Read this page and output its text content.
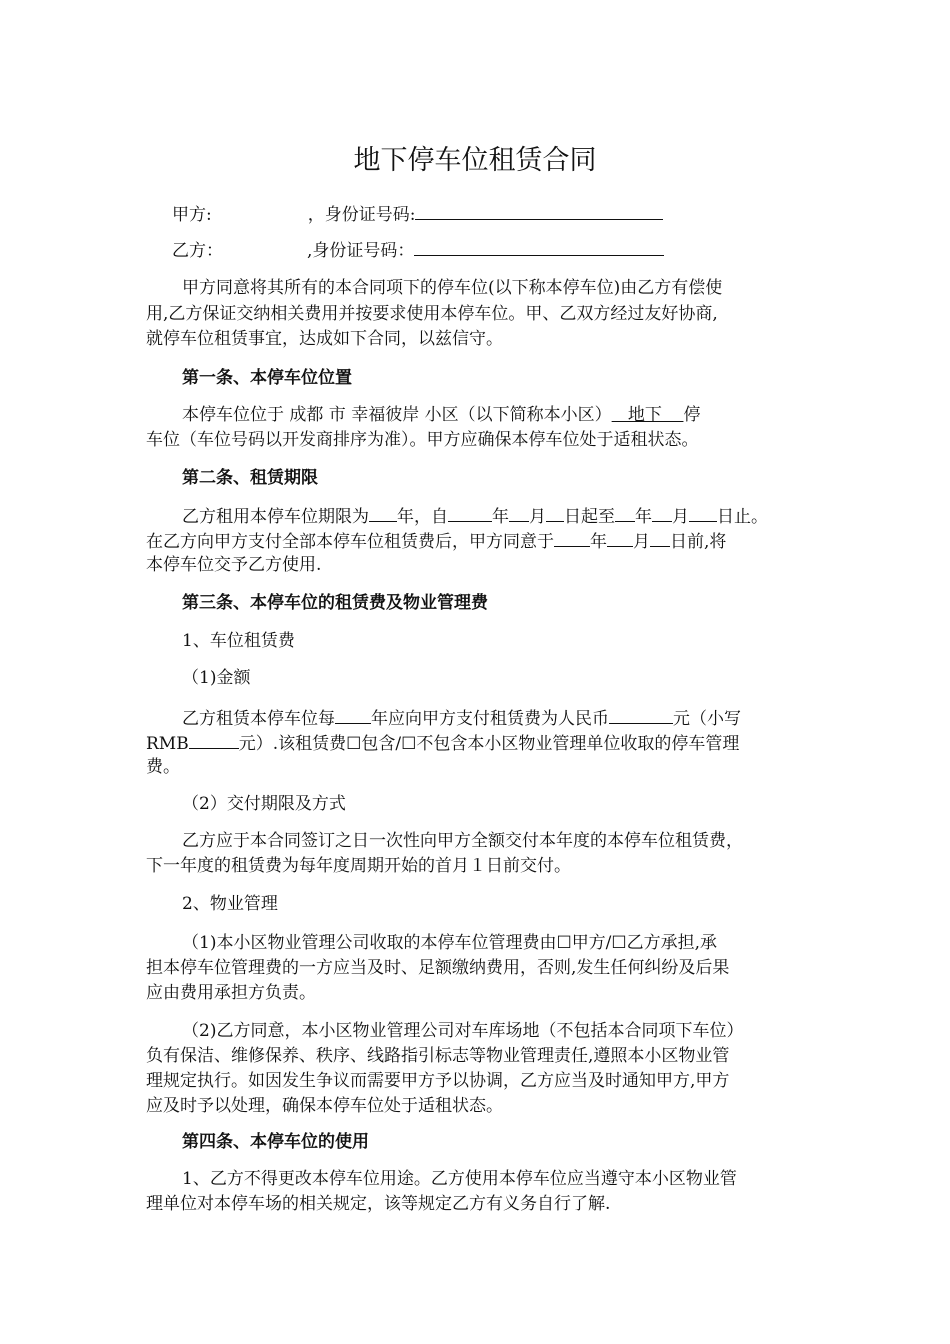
地下停车位租赁合同
甲方:	，身份证号码:
乙方：	,身份证号码：
甲方同意将其所有的本合同项下的停车位(以下称本停车位)由乙方有偿使
用,乙方保证交纳相关费用并按要求使用本停车位。甲、乙双方经过友好协商,
就停车位租赁事宜，达成如下合同，以兹信守。
第一条、本停车位位置
本停车位位于 成都 市 幸福彼岸 小区（以下简称本小区）   地下    停
车位（车位号码以开发商排序为准）。甲方应确保本停车位处于适租状态。
第二条、租赁期限
乙方租用本停车位期限为 年，自	年 月 日起至 年 月 日止。
在乙方向甲方支付全部本停车位租赁费后，甲方同意于 年 月 日前,将
本停车位交予乙方使用.
第三条、本停车位的租赁费及物业管理费
1、车位租赁费
（1)金额
乙方租赁本停车位每 年应向甲方支付租赁费为人民币	元（小写
RMB	元）.该租赁费☐包含/☐不包含本小区物业管理单位收取的停车管理
费。
（2）交付期限及方式
乙方应于本合同签订之日一次性向甲方全额交付本年度的本停车位租赁费，
下一年度的租赁费为每年度周期开始的首月１日前交付。
2、物业管理
（1)本小区物业管理公司收取的本停车位管理费由☐甲方/☐乙方承担,承
担本停车位管理费的一方应当及时、足额缴纳费用，否则,发生任何纠纷及后果
应由费用承担方负责。
（2)乙方同意，本小区物业管理公司对车库场地（不包括本合同项下车位）
负有保洁、维修保养、秩序、线路指引标志等物业管理责任,遵照本小区物业管
理规定执行。如因发生争议而需要甲方予以协调，乙方应当及时通知甲方,甲方
应及时予以处理，确保本停车位处于适租状态。
第四条、本停车位的使用
1、乙方不得更改本停车位用途。乙方使用本停车位应当遵守本小区物业管
理单位对本停车场的相关规定，该等规定乙方有义务自行了解.
